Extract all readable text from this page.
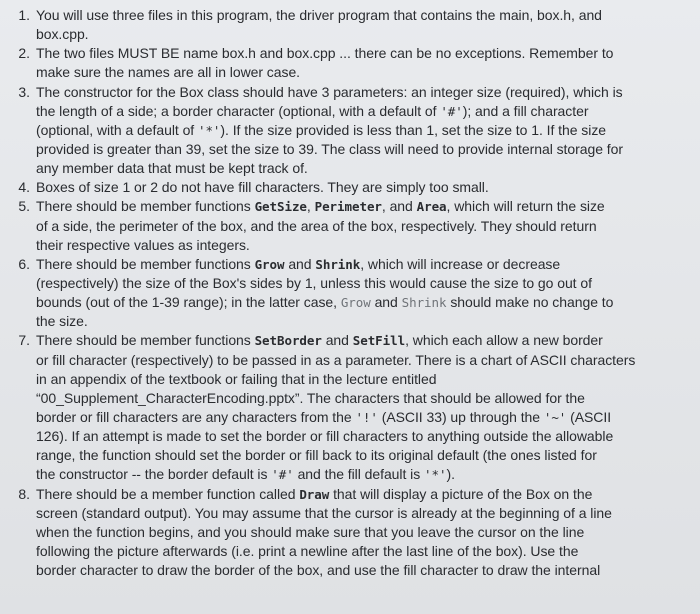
1. You will use three files in this program, the driver program that contains the main, box.h, and
box.cpp.
2. The two files MUST BE name box.h and box.cpp ... there can be no exceptions. Remember to
make sure the names are all in lower case.
3. The constructor for the Box class should have 3 parameters: an integer size (required), which is
the length of a side; a border character (optional, with a default of '#'); and a fill character
(optional, with a default of '*'). If the size provided is less than 1, set the size to 1. If the size
provided is greater than 39, set the size to 39. The class will need to provide internal storage for
any member data that must be kept track of.
4. Boxes of size 1 or 2 do not have fill characters. They are simply too small.
5. There should be member functions GetSize, Perimeter, and Area, which will return the size
of a side, the perimeter of the box, and the area of the box, respectively. They should return
their respective values as integers.
6. There should be member functions Grow and Shrink, which will increase or decrease
(respectively) the size of the Box's sides by 1, unless this would cause the size to go out of
bounds (out of the 1-39 range); in the latter case, Grow and Shrink should make no change to
the size.
7. There should be member functions SetBorder and SetFill, which each allow a new border
or fill character (respectively) to be passed in as a parameter. There is a chart of ASCII characters
in an appendix of the textbook or failing that in the lecture entitled
“00_Supplement_CharacterEncoding.pptx”. The characters that should be allowed for the
border or fill characters are any characters from the '!' (ASCII 33) up through the '~' (ASCII
126). If an attempt is made to set the border or fill characters to anything outside the allowable
range, the function should set the border or fill back to its original default (the ones listed for
the constructor -- the border default is '#' and the fill default is '*').
8. There should be a member function called Draw that will display a picture of the Box on the
screen (standard output). You may assume that the cursor is already at the beginning of a line
when the function begins, and you should make sure that you leave the cursor on the line
following the picture afterwards (i.e. print a newline after the last line of the box). Use the
border character to draw the border of the box, and use the fill character to draw the internal
